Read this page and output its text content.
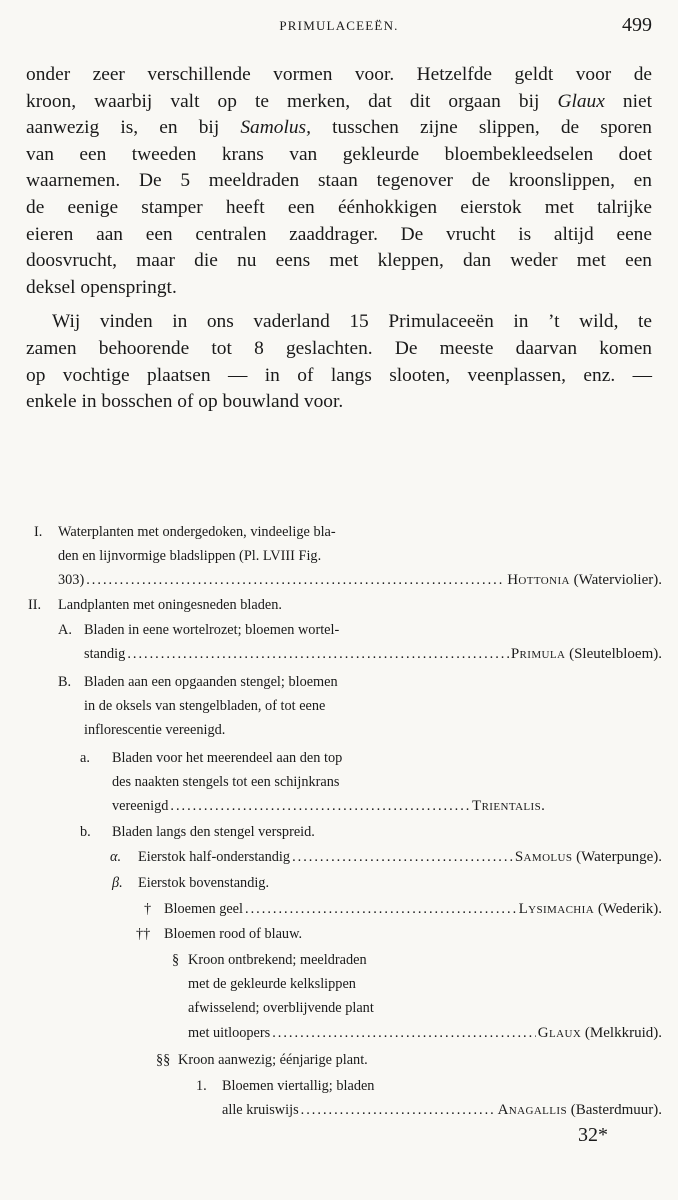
PRIMULACEEËN.	499

onder zeer verschillende vormen voor. Hetzelfde geldt voor de
kroon, waarbij valt op te merken, dat dit orgaan bij Glaux niet
aanwezig is, en bij Samolus, tusschen zijne slippen, de sporen
van een tweeden krans van gekleurde bloembekleedselen doet
waarnemen. De 5 meeldraden staan tegenover de kroonslippen, en
de eenige stamper heeft een éénhokkigen eierstok met talrijke
eieren aan een centralen zaaddrager. De vrucht is altijd eene
doosvrucht, maar die nu eens met kleppen, dan weder met een
deksel openspringt.

Wij vinden in ons vaderland 15 Primulaceeën in ’t wild, te
zamen behoorende tot 8 geslachten. De meeste daarvan komen
op vochtige plaatsen — in of langs slooten, veenplassen, enz. —
enkele in bosschen of op bouwland voor.

I. Waterplanten met ondergedoken, vindeelige bla-
den en lijnvormige bladslippen (Pl. LVIII Fig.
303) .....	Hottonia (Waterviolier).
II. Landplanten met oningesneden bladen.
A. Bladen in eene wortelrozet; bloemen wortel-
standig .....	Primula (Sleutelbloem).
B. Bladen aan een opgaanden stengel; bloemen
in de oksels van stengelbladen, of tot eene
inflorescentie vereenigd.
a. Bladen voor het meerendeel aan den top
des naakten stengels tot een schijnkrans
vereenigd .....	Trientalis.
b. Bladen langs den stengel verspreid.
α. Eierstok half-onderstandig .....	Samolus (Waterpunge).
β. Eierstok bovenstandig.
† Bloemen geel .....	Lysimachia (Wederik).
†† Bloemen rood of blauw.
§ Kroon ontbrekend; meeldraden
met de gekleurde kelkslippen
afwisselend; overblijvende plant
met uitloopers .....	Glaux (Melkkruid).
§§ Kroon aanwezig; éénjarige plant.
1. Bloemen viertallig; bladen
alle kruiswijs .....	Anagallis (Basterdmuur).
32*
